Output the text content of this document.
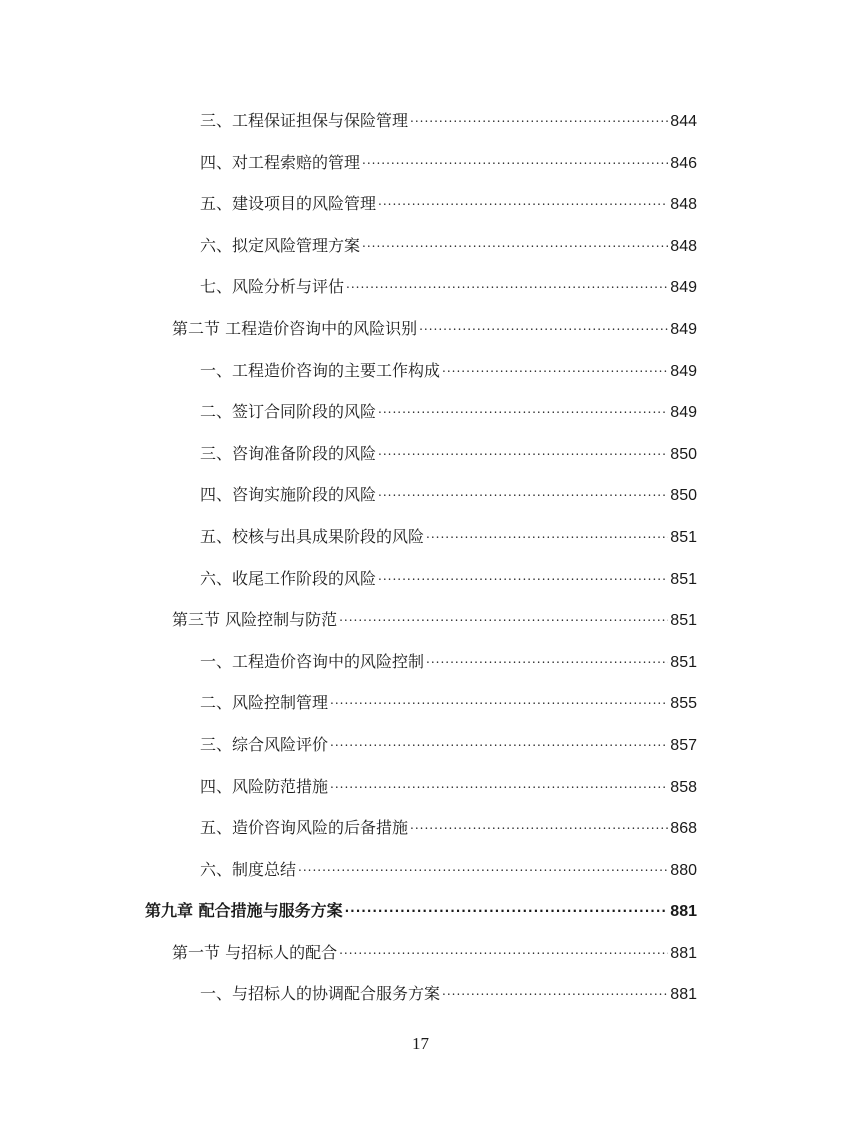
三、工程保证担保与保险管理 .....	844
四、对工程索赔的管理 .....	846
五、建设项目的风险管理 .....	848
六、拟定风险管理方案 .....	848
七、风险分析与评估 .....	849
第二节 工程造价咨询中的风险识别 .....	849
一、工程造价咨询的主要工作构成 .....	849
二、签订合同阶段的风险 .....	849
三、咨询准备阶段的风险 .....	850
四、咨询实施阶段的风险 .....	850
五、校核与出具成果阶段的风险 .....	851
六、收尾工作阶段的风险 .....	851
第三节 风险控制与防范 .....	851
一、工程造价咨询中的风险控制 .....	851
二、风险控制管理 .....	855
三、综合风险评价 .....	857
四、风险防范措施 .....	858
五、造价咨询风险的后备措施 .....	868
六、制度总结 .....	880
第九章 配合措施与服务方案 .....	881
第一节 与招标人的配合 .....	881
一、与招标人的协调配合服务方案 .....	881
17
